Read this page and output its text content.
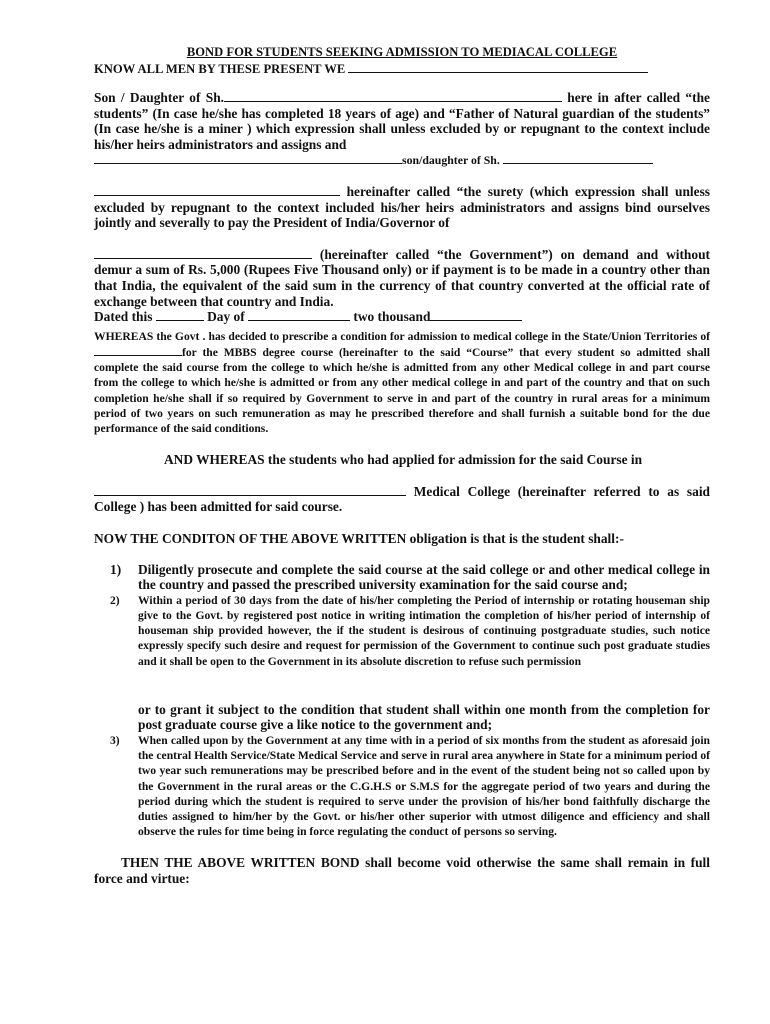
BOND FOR STUDENTS SEEKING ADMISSION TO MEDIACAL COLLEGE

KNOW ALL MEN BY THESE PRESENT WE

Son / Daughter of Sh.	here in after called “the students” (In case he/she has completed 18 years of age) and “Father of Natural guardian of the students” (In case he/she is a miner ) which expression shall unless excluded by or repugnant to the context include his/her heirs administrators and assigns and
son/daughter of Sh.

hereinafter called “the surety (which expression shall unless excluded by repugnant to the context included his/her heirs administrators and assigns bind ourselves jointly and severally to pay the President of India/Governor of

(hereinafter called “the Government”) on demand and without demur a sum of Rs. 5,000 (Rupees Five Thousand only) or if payment is to be made in a country other than that India, the equivalent of the said sum in the currency of that country converted at the official rate of exchange between that country and India.
Dated this	Day of	two thousand

WHEREAS the Govt . has decided to prescribe a condition for admission to medical college in the State/Union Territories offor the MBBS degree course (hereinafter to the said “Course” that every student so admitted shall complete the said course from the college to which he/she is admitted from any other Medical college in and part course from the college to which he/she is admitted or from any other medical college in and part of the country and that on such completion he/she shall if so required by Government to serve in and part of the country in rural areas for a minimum period of two years on such remuneration as may he prescribed therefore and shall furnish a suitable bond for the due performance of the said conditions.

AND WHEREAS the students who had applied for admission for the said Course in

Medical College (hereinafter referred to as said College ) has been admitted for said course.

NOW THE CONDITON OF THE ABOVE WRITTEN obligation is that is the student shall:-

1) Diligently prosecute and complete the said course at the said college or and other medical college in the country and passed the prescribed university examination for the said course and;
2) Within a period of 30 days from the date of his/her completing the Period of internship or rotating houseman ship give to the Govt. by registered post notice in writing intimation the completion of his/her period of internship of houseman ship provided however, the if the student is desirous of continuing postgraduate studies, such notice expressly specify such desire and request for permission of the Government to continue such post graduate studies and it shall be open to the Government in its absolute discretion to refuse such permission

or to grant it subject to the condition that student shall within one month from the completion for post graduate course give a like notice to the government and;

3) When called upon by the Government at any time with in a period of six months from the student as aforesaid join the central Health Service/State Medical Service and serve in rural area anywhere in State for a minimum period of two year such remunerations may be prescribed before and in the event of the student being not so called upon by the Government in the rural areas or the C.G.H.S or S.M.S for the aggregate period of two years and during the period during which the student is required to serve under the provision of his/her bond faithfully discharge the duties assigned to him/her by the Govt. or his/her other superior with utmost diligence and efficiency and shall observe the rules for time being in force regulating the conduct of persons so serving.

THEN THE ABOVE WRITTEN BOND shall become void otherwise the same shall remain in full force and virtue:
